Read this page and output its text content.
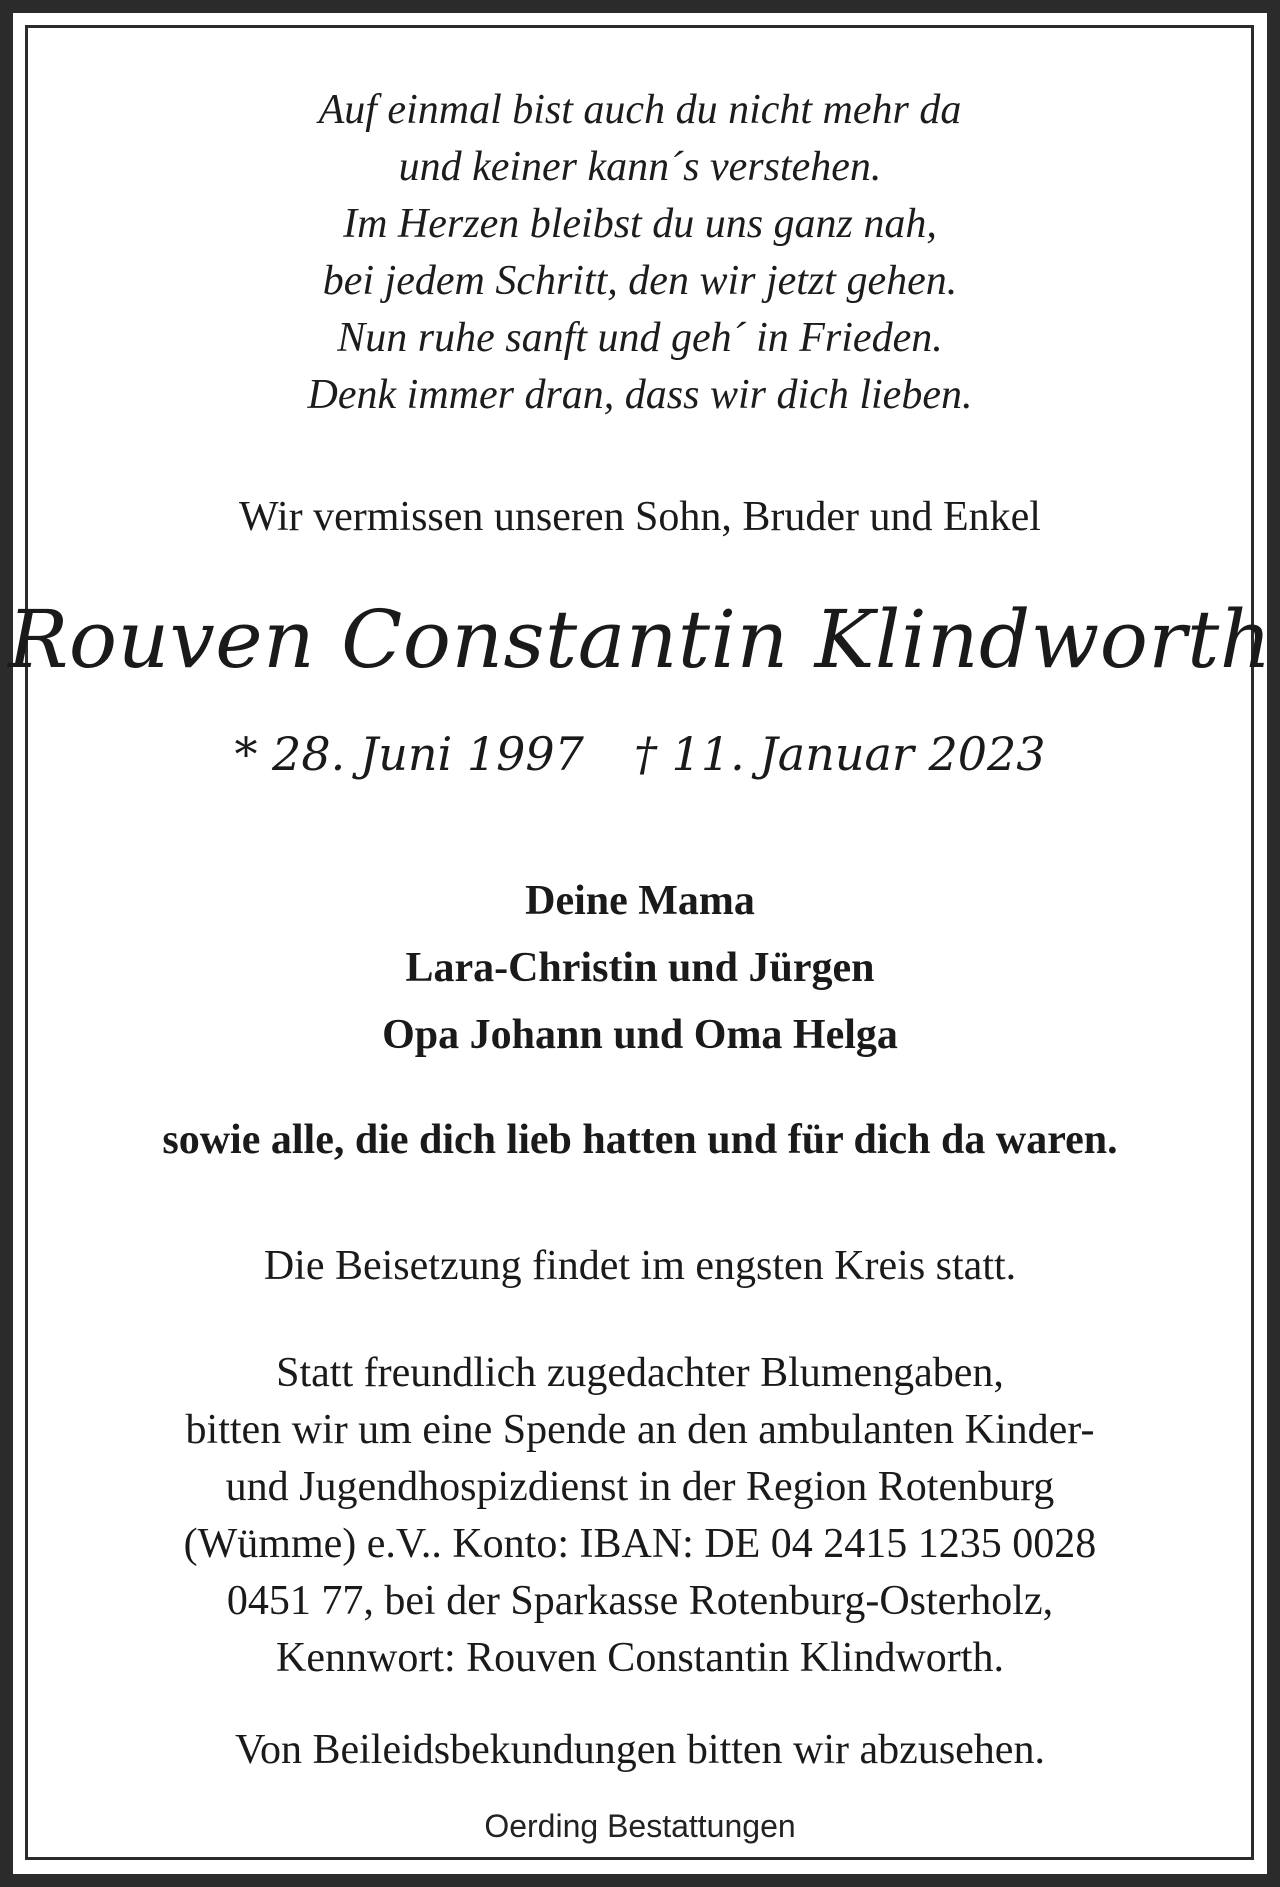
Auf einmal bist auch du nicht mehr da
und keiner kann´s verstehen.
Im Herzen bleibst du uns ganz nah,
bei jedem Schritt, den wir jetzt gehen.
Nun ruhe sanft und geh´ in Frieden.
Denk immer dran, dass wir dich lieben.

Wir vermissen unseren Sohn, Bruder und Enkel

Rouven Constantin Klindworth

* 28. Juni 1997 † 11. Januar 2023

Deine Mama
Lara-Christin und Jürgen
Opa Johann und Oma Helga

sowie alle, die dich lieb hatten und für dich da waren.

Die Beisetzung findet im engsten Kreis statt.

Statt freundlich zugedachter Blumengaben,
bitten wir um eine Spende an den ambulanten Kinder-
und Jugendhospizdienst in der Region Rotenburg
(Wümme) e.V.. Konto: IBAN: DE 04 2415 1235 0028
0451 77, bei der Sparkasse Rotenburg-Osterholz,
Kennwort: Rouven Constantin Klindworth.

Von Beileidsbekundungen bitten wir abzusehen.

Oerding Bestattungen
